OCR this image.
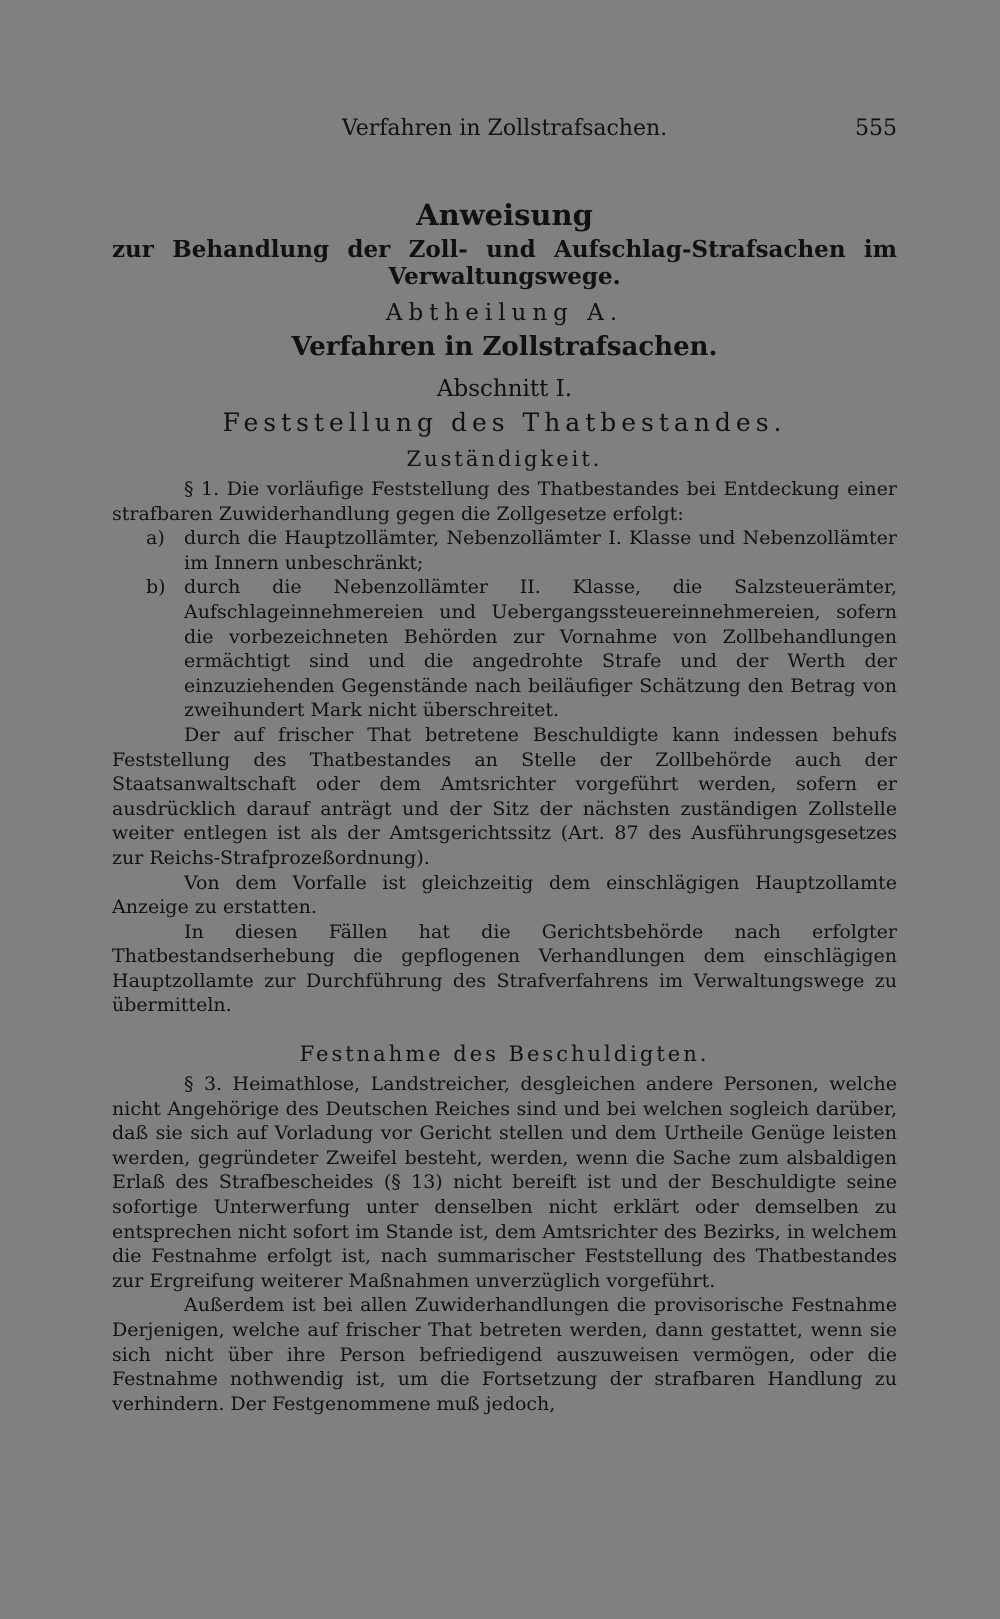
Verfahren in Zollstrafsachen.	555
Anweisung
zur Behandlung der Zoll- und Aufschlag-Strafsachen im Verwaltungswege.
Abtheilung A.
Verfahren in Zollstrafsachen.
Abschnitt I.
Feststellung des Thatbestandes.
Zuständigkeit.

§ 1. Die vorläufige Feststellung des Thatbestandes bei Entdeckung einer strafbaren Zuwiderhandlung gegen die Zollgesetze erfolgt:

a) durch die Hauptzollämter, Nebenzollämter I. Klasse und Nebenzollämter im Innern unbeschränkt;
b) durch die Nebenzollämter II. Klasse, die Salzsteuerämter, Aufschlageinnehmereien und Uebergangssteuereinnehmereien, sofern die vorbezeichneten Behörden zur Vornahme von Zollbehandlungen ermächtigt sind und die angedrohte Strafe und der Werth der einzuziehenden Gegenstände nach beiläufiger Schätzung den Betrag von zweihundert Mark nicht überschreitet.

Der auf frischer That betretene Beschuldigte kann indessen behufs Feststellung des Thatbestandes an Stelle der Zollbehörde auch der Staatsanwaltschaft oder dem Amtsrichter vorgeführt werden, sofern er ausdrücklich darauf anträgt und der Sitz der nächsten zuständigen Zollstelle weiter entlegen ist als der Amtsgerichtssitz (Art. 87 des Ausführungsgesetzes zur Reichs-Strafprozeßordnung).

Von dem Vorfalle ist gleichzeitig dem einschlägigen Hauptzollamte Anzeige zu erstatten.

In diesen Fällen hat die Gerichtsbehörde nach erfolgter Thatbestandserhebung die gepflogenen Verhandlungen dem einschlägigen Hauptzollamte zur Durchführung des Strafverfahrens im Verwaltungswege zu übermitteln.

Festnahme des Beschuldigten.

§ 3. Heimathlose, Landstreicher, desgleichen andere Personen, welche nicht Angehörige des Deutschen Reiches sind und bei welchen sogleich darüber, daß sie sich auf Vorladung vor Gericht stellen und dem Urtheile Genüge leisten werden, gegründeter Zweifel besteht, werden, wenn die Sache zum alsbaldigen Erlaß des Strafbescheides (§ 13) nicht bereift ist und der Beschuldigte seine sofortige Unterwerfung unter denselben nicht erklärt oder demselben zu entsprechen nicht sofort im Stande ist, dem Amtsrichter des Bezirks, in welchem die Festnahme erfolgt ist, nach summarischer Feststellung des Thatbestandes zur Ergreifung weiterer Maßnahmen unverzüglich vorgeführt.

Außerdem ist bei allen Zuwiderhandlungen die provisorische Festnahme Derjenigen, welche auf frischer That betreten werden, dann gestattet, wenn sie sich nicht über ihre Person befriedigend auszuweisen vermögen, oder die Festnahme nothwendig ist, um die Fortsetzung der strafbaren Handlung zu verhindern. Der Festgenommene muß jedoch,
